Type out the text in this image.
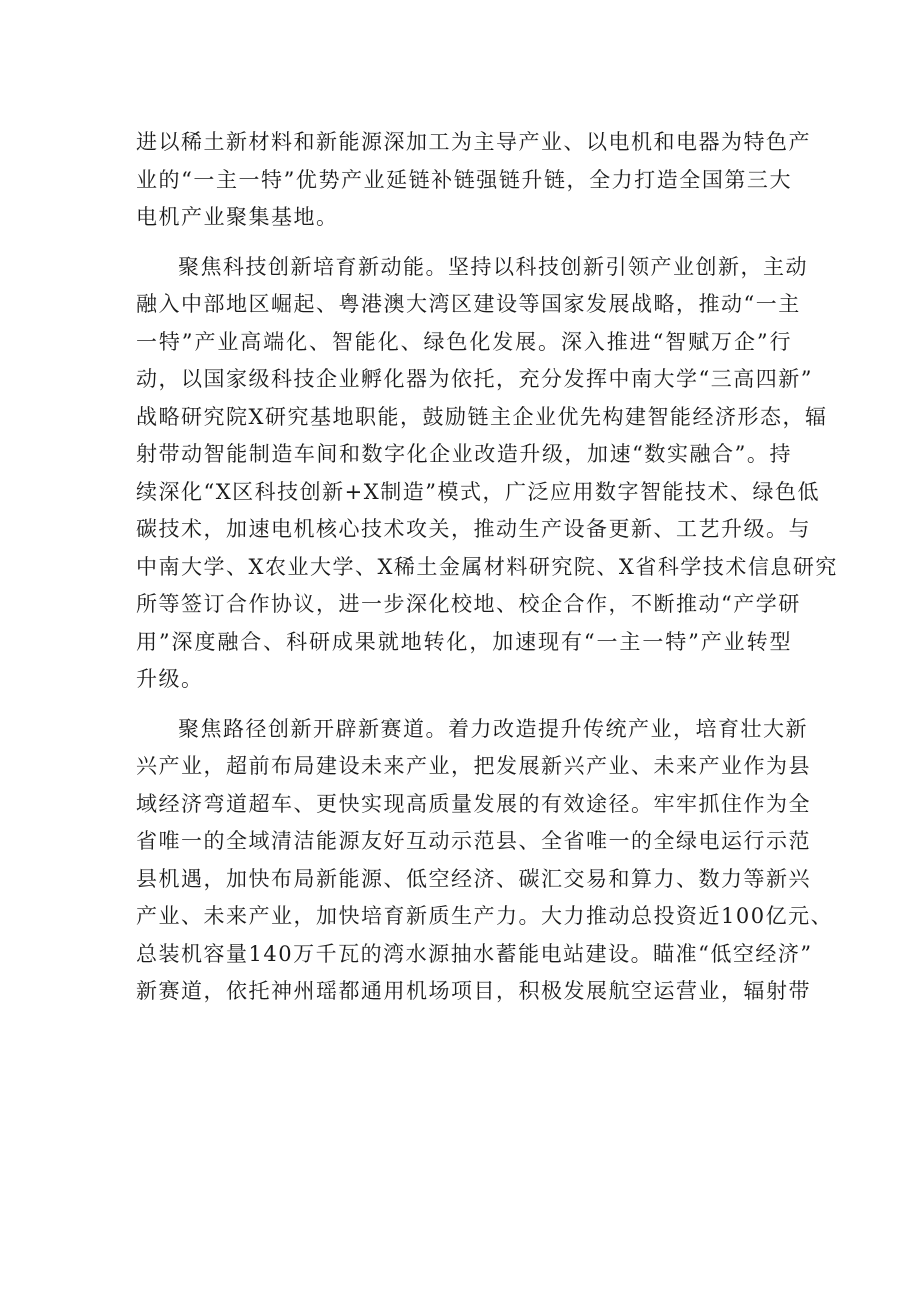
进以稀土新材料和新能源深加工为主导产业、以电机和电器为特色产
业的“一主一特”优势产业延链补链强链升链，全力打造全国第三大
电机产业聚集基地。
聚焦科技创新培育新动能。坚持以科技创新引领产业创新，主动
融入中部地区崛起、粤港澳大湾区建设等国家发展战略，推动“一主
一特”产业高端化、智能化、绿色化发展。深入推进“智赋万企”行
动，以国家级科技企业孵化器为依托，充分发挥中南大学“三高四新”
战略研究院X研究基地职能，鼓励链主企业优先构建智能经济形态，辐
射带动智能制造车间和数字化企业改造升级，加速“数实融合”。持
续深化“X区科技创新+X制造”模式，广泛应用数字智能技术、绿色低
碳技术，加速电机核心技术攻关，推动生产设备更新、工艺升级。与
中南大学、X农业大学、X稀土金属材料研究院、X省科学技术信息研究
所等签订合作协议，进一步深化校地、校企合作，不断推动“产学研
用”深度融合、科研成果就地转化，加速现有“一主一特”产业转型
升级。
聚焦路径创新开辟新赛道。着力改造提升传统产业，培育壮大新
兴产业，超前布局建设未来产业，把发展新兴产业、未来产业作为县
域经济弯道超车、更快实现高质量发展的有效途径。牢牢抓住作为全
省唯一的全域清洁能源友好互动示范县、全省唯一的全绿电运行示范
县机遇，加快布局新能源、低空经济、碳汇交易和算力、数力等新兴
产业、未来产业，加快培育新质生产力。大力推动总投资近100亿元、
总装机容量140万千瓦的湾水源抽水蓄能电站建设。瞄准“低空经济”
新赛道，依托神州瑶都通用机场项目，积极发展航空运营业，辐射带
